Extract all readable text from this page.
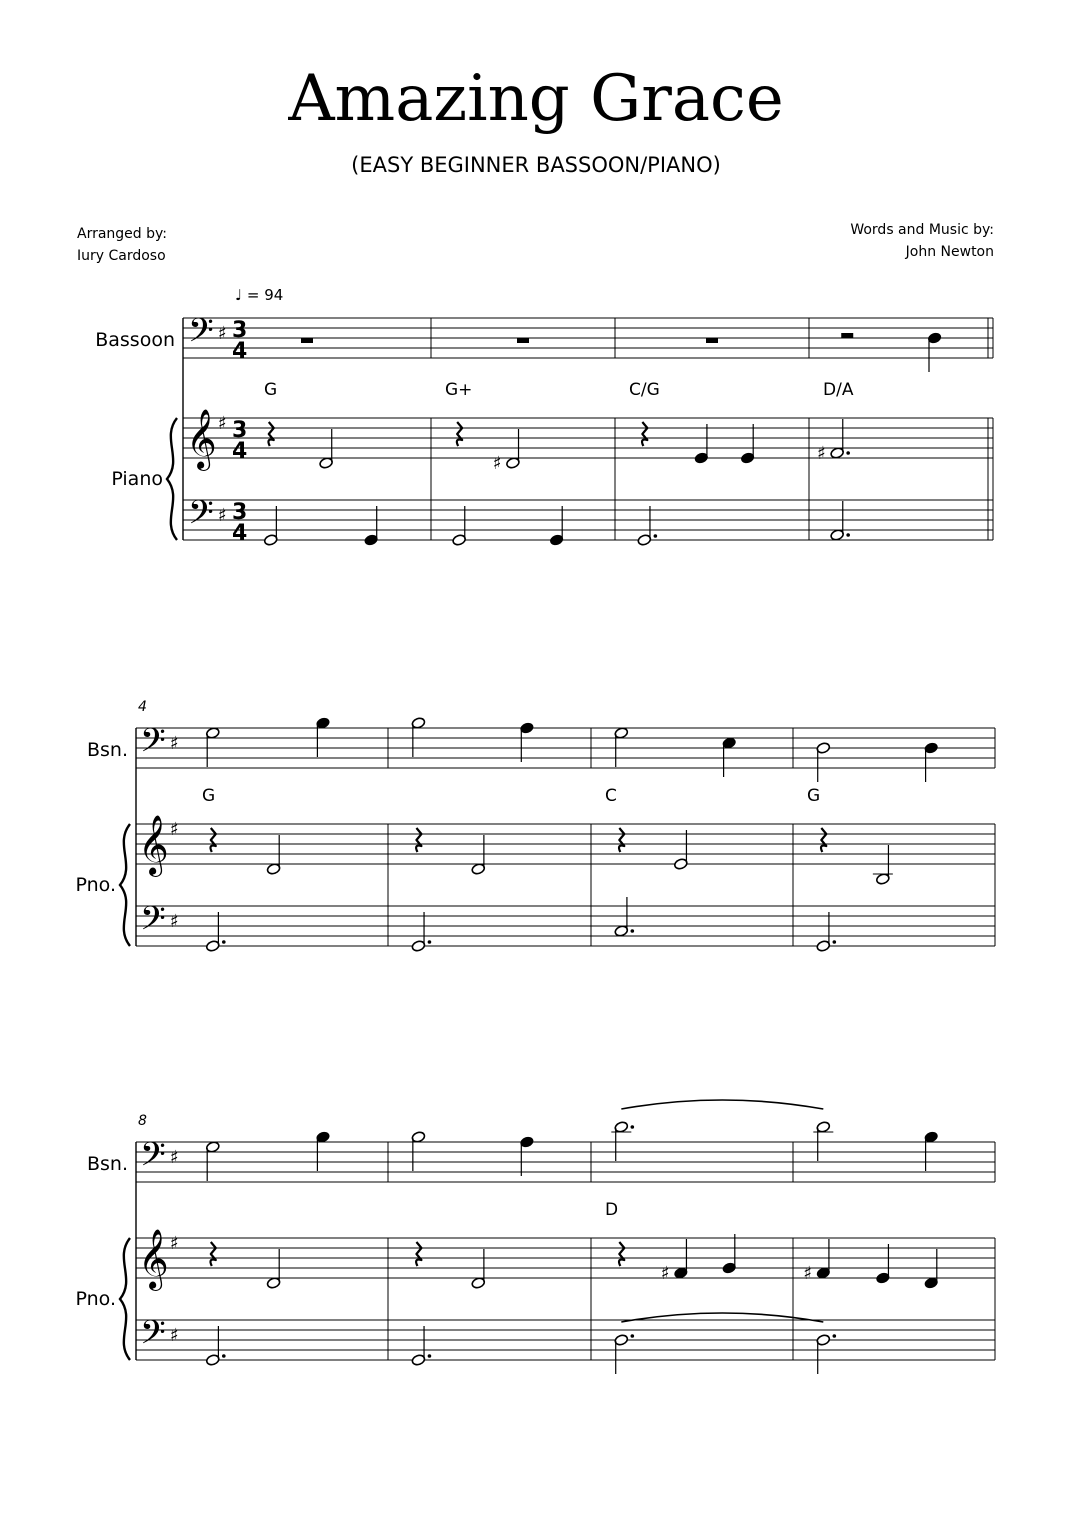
Amazing Grace
(EASY BEGINNER BASSOON/PIANO)
Arranged by:
Iury Cardoso
Words and Music by:
John Newton
♩ = 94
𝄢
𝄞
𝄢
♯
♯
♯
3
4
3
4
3
4
Bassoon
Piano
G	G+	C/G	D/A
♯	♯
𝄢
𝄞
𝄢
♯
♯
♯
Bsn.
Pno.
4
G	C	G
𝄢
𝄞
𝄢
♯
♯
♯
Bsn.
Pno.
8
D
♯	♯
